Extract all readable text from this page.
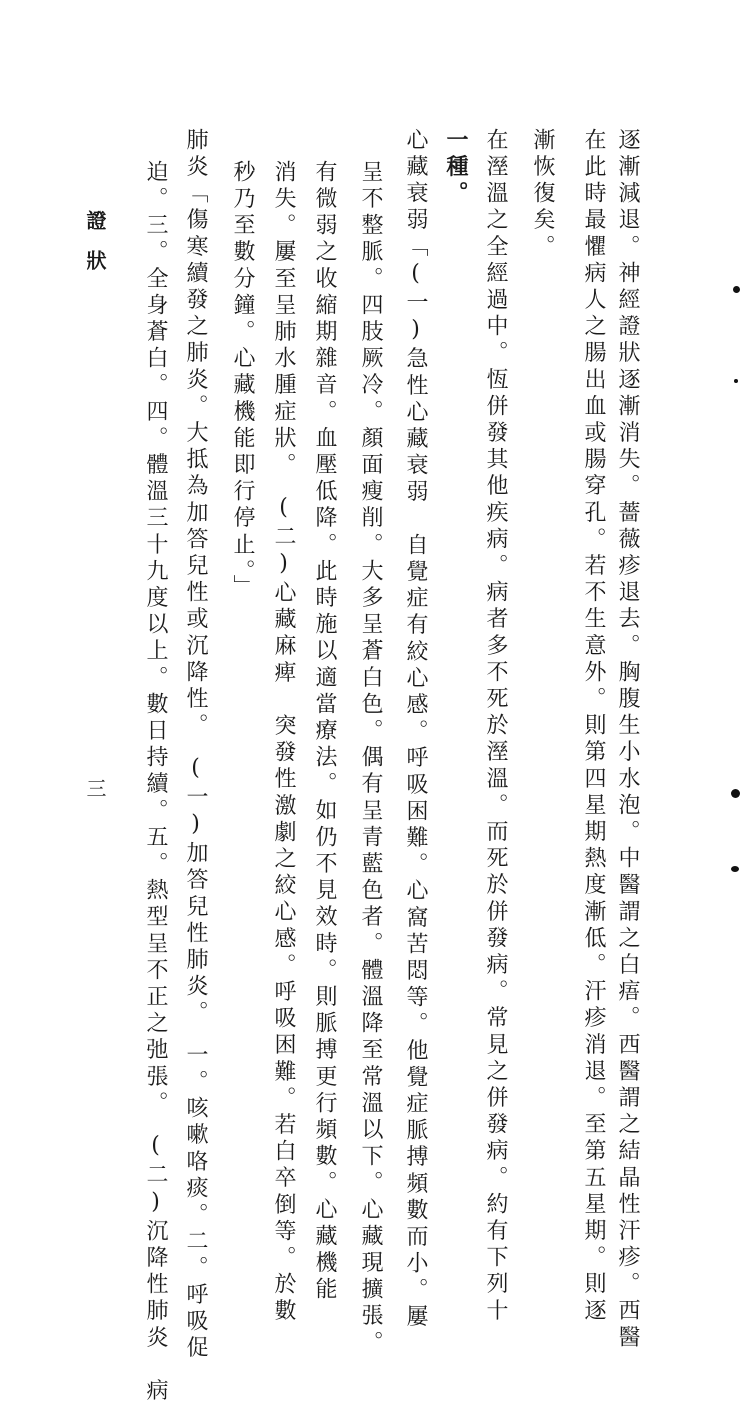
逐漸減退。神經證狀逐漸消失。薔薇疹退去。胸腹生小水泡。中醫謂之白痦。西醫謂之結晶性汗疹。西醫
在此時最懼病人之腸出血或腸穿孔。若不生意外。則第四星期熱度漸低。汗疹消退。至第五星期。則逐
漸恢復矣。
在溼溫之全經過中。恆併發其他疾病。病者多不死於溼溫。而死於併發病。常見之併發病。約有下列十
一種。
心藏衰弱「(一)急性心藏衰弱　自覺症有絞心感。呼吸困難。心窩苦悶等。他覺症脈搏頻數而小。屢
呈不整脈。四肢厥冷。顏面瘦削。大多呈蒼白色。偶有呈青藍色者。體溫降至常溫以下。心藏現擴張。
有微弱之收縮期雜音。血壓低降。此時施以適當療法。如仍不見效時。則脈搏更行頻數。心藏機能
消失。屢至呈肺水腫症狀。　(二)心藏麻痺　突發性激劇之絞心感。呼吸困難。若白卒倒等。於數
秒乃至數分鐘。心藏機能即行停止。」
肺炎「傷寒續發之肺炎。大抵為加答兒性或沉降性。　(一)加答兒性肺炎。　一。咳嗽咯痰。二。呼吸促
迫。三。全身蒼白。四。體溫三十九度以上。數日持續。五。熱型呈不正之弛張。　(二)沉降性肺炎　病
證　狀
三
